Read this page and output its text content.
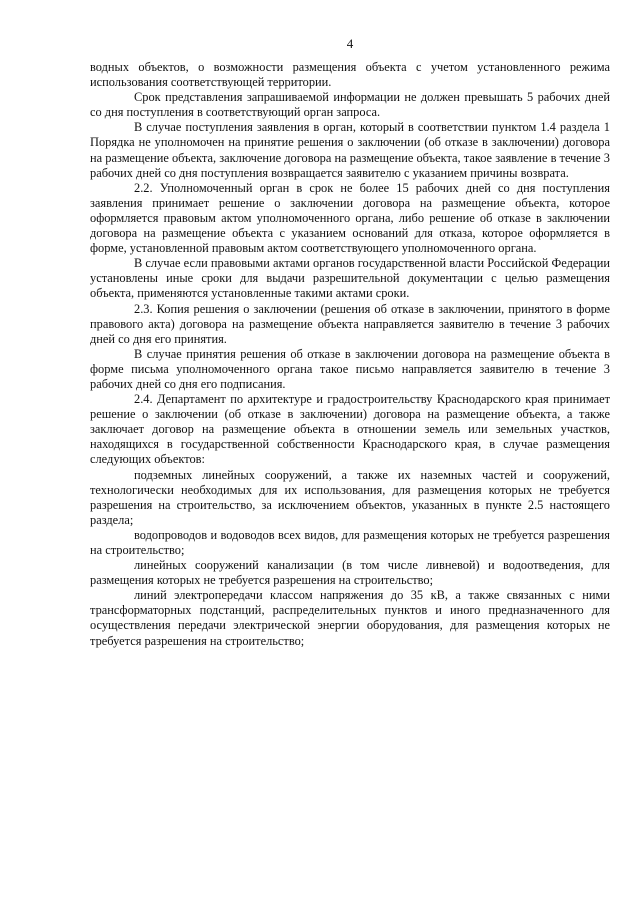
4

водных объектов, о возможности размещения объекта с учетом установленного режима использования соответствующей территории.

Срок представления запрашиваемой информации не должен превышать 5 рабочих дней со дня поступления в соответствующий орган запроса.

В случае поступления заявления в орган, который в соответствии пунктом 1.4 раздела 1 Порядка не уполномочен на принятие решения о заключении (об отказе в заключении) договора на размещение объекта, заключение договора на размещение объекта, такое заявление в течение 3 рабочих дней со дня поступления возвращается заявителю с указанием причины возврата.

2.2. Уполномоченный орган в срок не более 15 рабочих дней со дня поступления заявления принимает решение о заключении договора на размещение объекта, которое оформляется правовым актом уполномоченного органа, либо решение об отказе в заключении договора на размещение объекта с указанием оснований для отказа, которое оформляется в форме, установленной правовым актом соответствующего уполномоченного органа.

В случае если правовыми актами органов государственной власти Российской Федерации установлены иные сроки для выдачи разрешительной документации с целью размещения объекта, применяются установленные такими актами сроки.

2.3. Копия решения о заключении (решения об отказе в заключении, принятого в форме правового акта) договора на размещение объекта направляется заявителю в течение 3 рабочих дней со дня его принятия.

В случае принятия решения об отказе в заключении договора на размещение объекта в форме письма уполномоченного органа такое письмо направляется заявителю в течение 3 рабочих дней со дня его подписания.

2.4. Департамент по архитектуре и градостроительству Краснодарского края принимает решение о заключении (об отказе в заключении) договора на размещение объекта, а также заключает договор на размещение объекта в отношении земель или земельных участков, находящихся в государственной собственности Краснодарского края, в случае размещения следующих объектов:

подземных линейных сооружений, а также их наземных частей и сооружений, технологически необходимых для их использования, для размещения которых не требуется разрешения на строительство, за исключением объектов, указанных в пункте 2.5 настоящего раздела;

водопроводов и водоводов всех видов, для размещения которых не требуется разрешения на строительство;

линейных сооружений канализации (в том числе ливневой) и водоотведения, для размещения которых не требуется разрешения на строительство;

линий электропередачи классом напряжения до 35 кВ, а также связанных с ними трансформаторных подстанций, распределительных пунктов и иного предназначенного для осуществления передачи электрической энергии оборудования, для размещения которых не требуется разрешения на строительство;
